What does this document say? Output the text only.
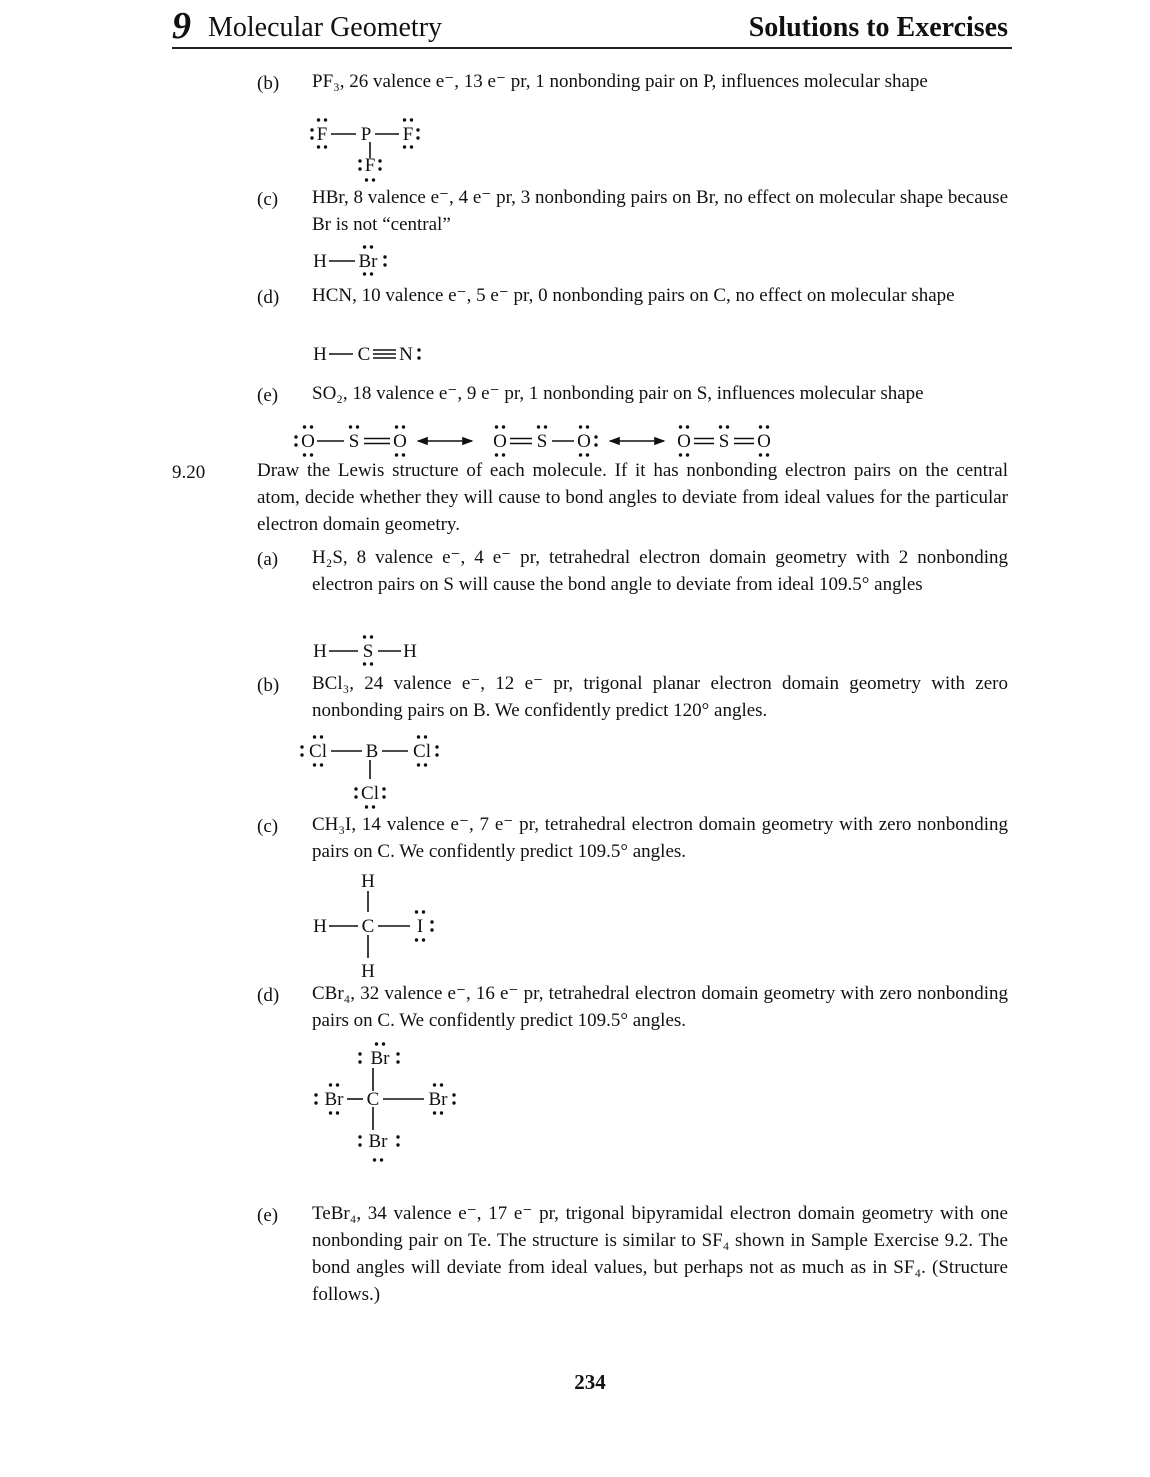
9 Molecular Geometry	Solutions to Exercises
(b) PF₃, 26 valence e⁻, 13 e⁻ pr, 1 nonbonding pair on P, influences molecular shape
(c) HBr, 8 valence e⁻, 4 e⁻ pr, 3 nonbonding pairs on Br, no effect on molecular shape because Br is not “central”
(d) HCN, 10 valence e⁻, 5 e⁻ pr, 0 nonbonding pairs on C, no effect on molecular shape
(e) SO₂, 18 valence e⁻, 9 e⁻ pr, 1 nonbonding pair on S, influences molecular shape
9.20	Draw the Lewis structure of each molecule. If it has nonbonding electron pairs on the central atom, decide whether they will cause to bond angles to deviate from ideal values for the particular electron domain geometry.
(a) H₂S, 8 valence e⁻, 4 e⁻ pr, tetrahedral electron domain geometry with 2 nonbonding electron pairs on S will cause the bond angle to deviate from ideal 109.5° angles
(b) BCl₃, 24 valence e⁻, 12 e⁻ pr, trigonal planar electron domain geometry with zero nonbonding pairs on B. We confidently predict 120° angles.
(c) CH₃I, 14 valence e⁻, 7 e⁻ pr, tetrahedral electron domain geometry with zero nonbonding pairs on C. We confidently predict 109.5° angles.
(d) CBr₄, 32 valence e⁻, 16 e⁻ pr, tetrahedral electron domain geometry with zero nonbonding pairs on C. We confidently predict 109.5° angles.
(e) TeBr₄, 34 valence e⁻, 17 e⁻ pr, trigonal bipyramidal electron domain geometry with one nonbonding pair on Te. The structure is similar to SF₄ shown in Sample Exercise 9.2. The bond angles will deviate from ideal values, but perhaps not as much as in SF₄. (Structure follows.)
234
F P F
F
H Br
H C N
O S O	O S O	O S O
H S H
Cl B Cl
Cl
H
H C I
H
Br
Br C	Br
Br
